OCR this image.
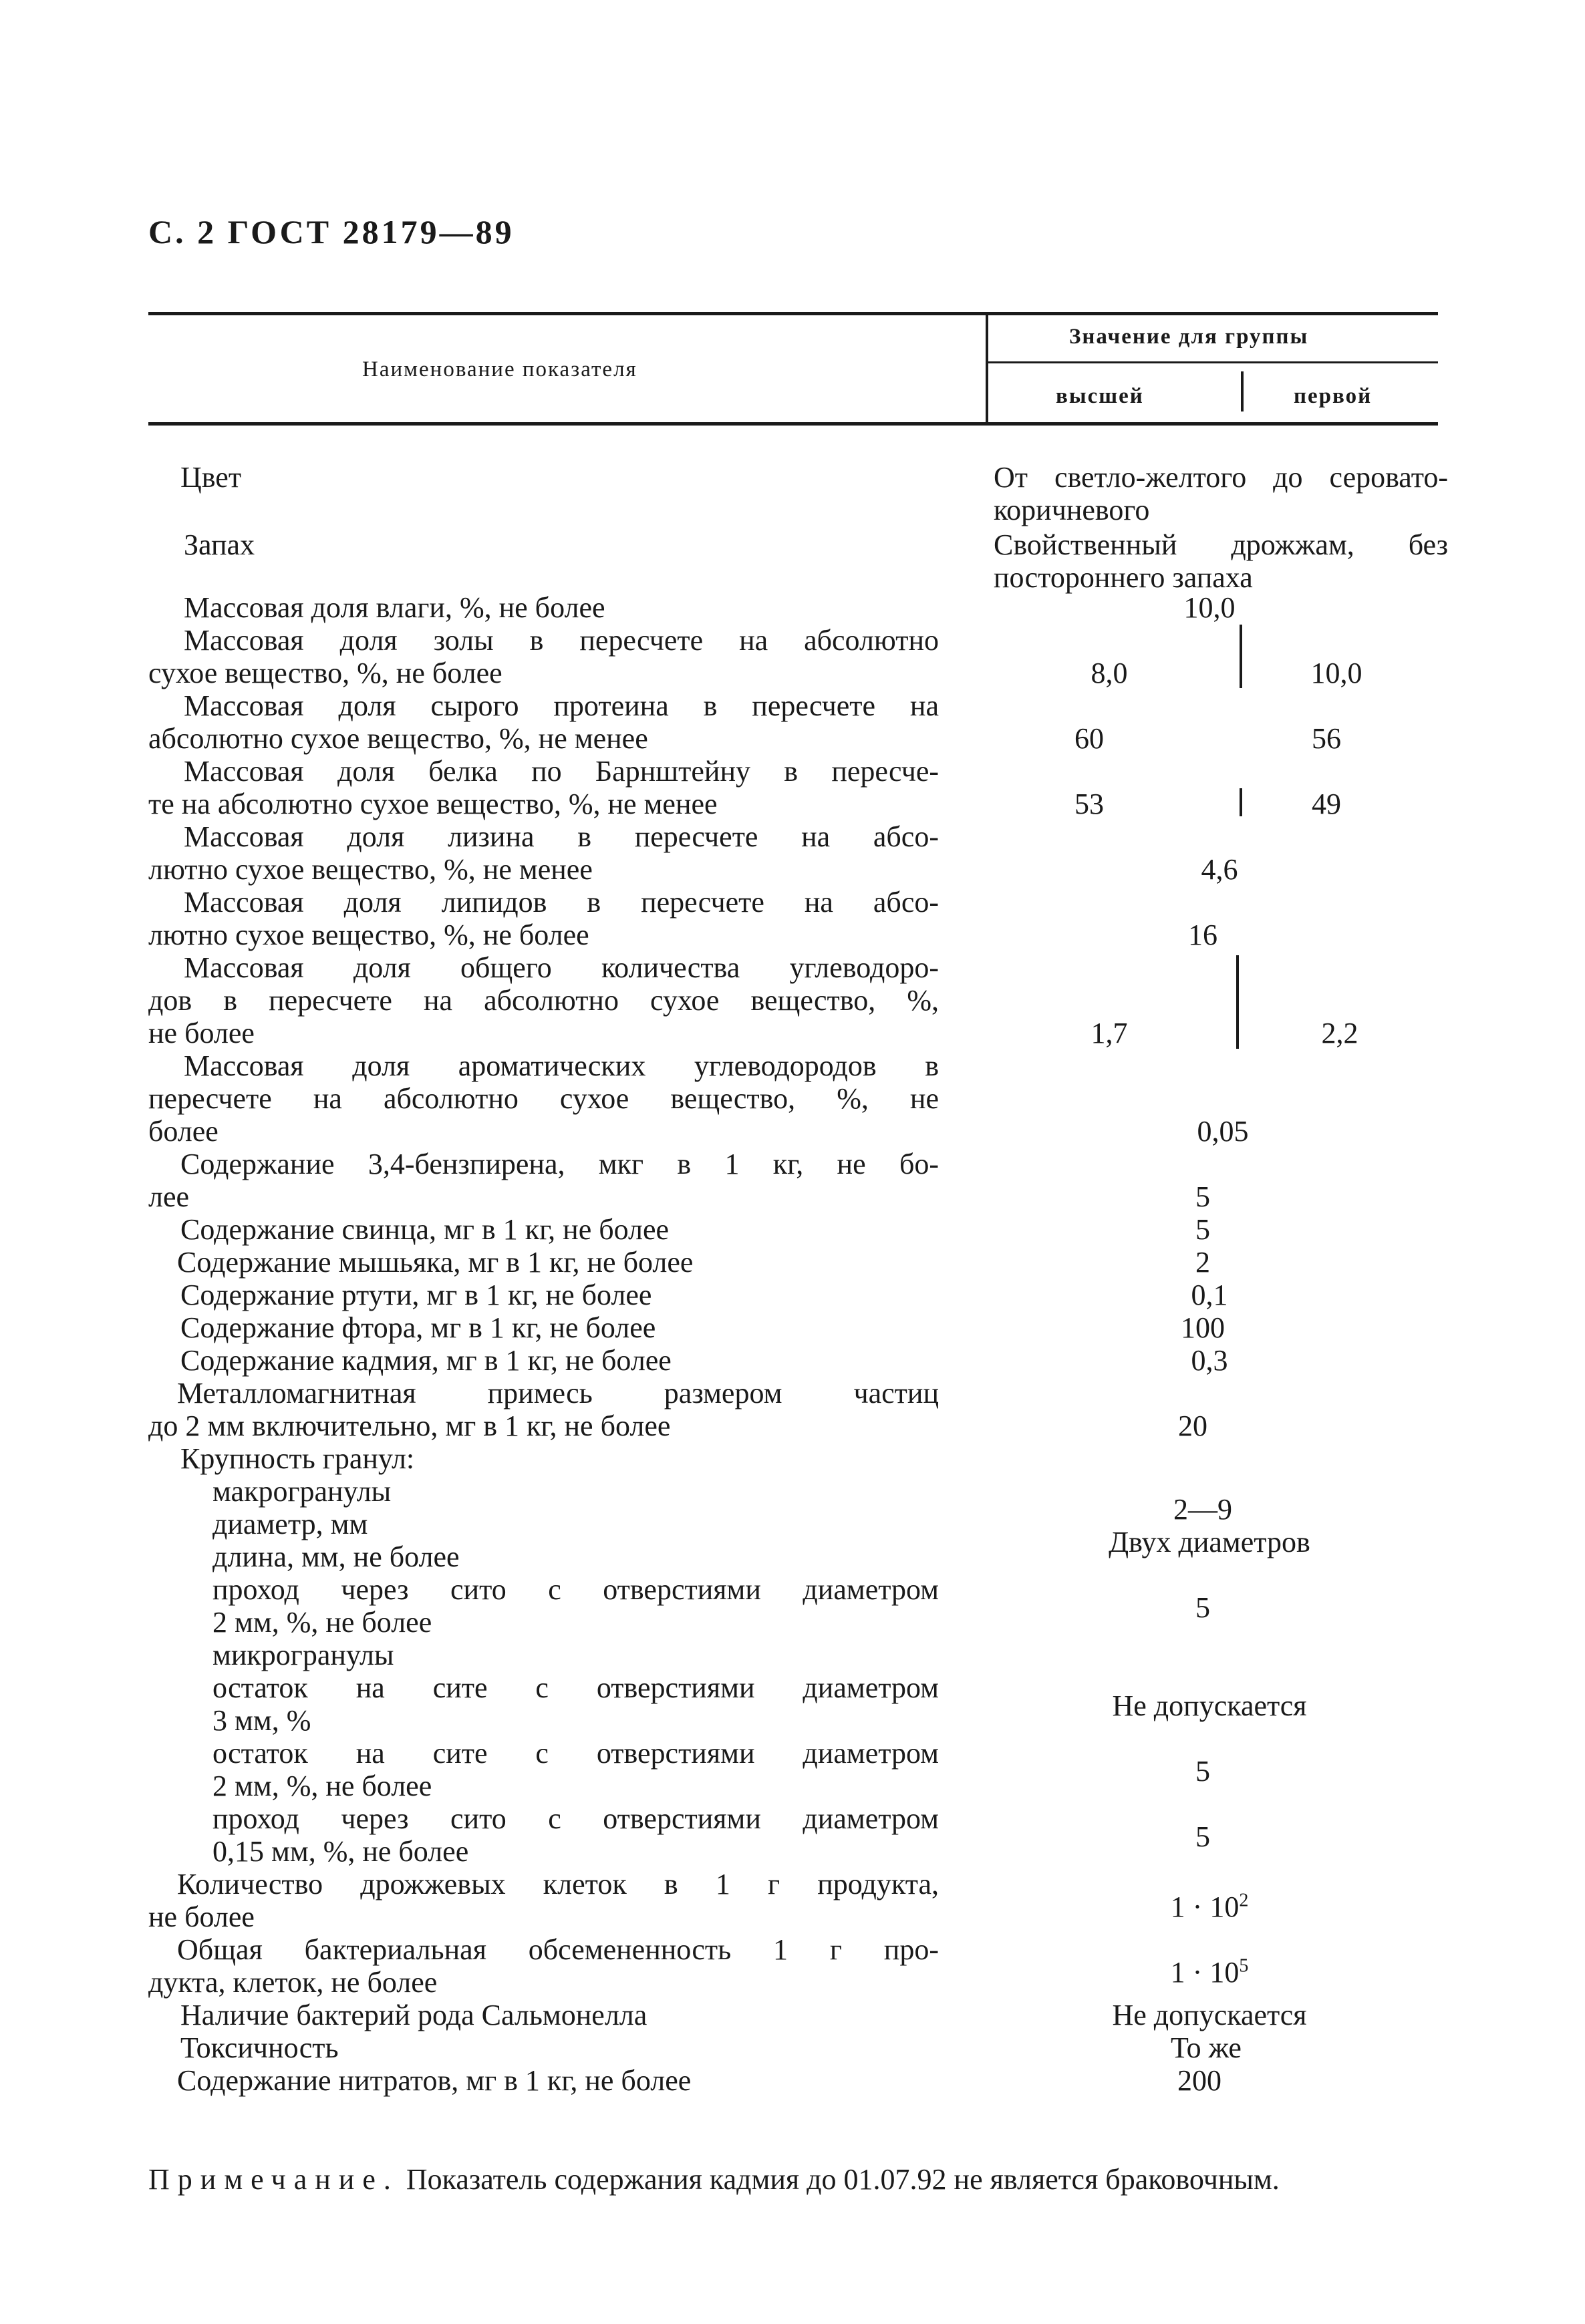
С. 2 ГОСТ 28179—89
Наименование показателя
Значение для группы
высшей	первой
Цвет	От светло-желтого до серовато-коричневого
Запах	Свойственный дрожжам, без постороннего запаха
Массовая доля влаги, %, не более	10,0
Массовая доля золы в пересчете на абсолютно
сухое вещество, %, не более	8,0	10,0
Массовая доля сырого протеина в пересчете на
абсолютно сухое вещество, %, не менее	60	56
Массовая доля белка по Барнштейну в пересче-
те на абсолютно сухое вещество, %, не менее	53	49
Массовая доля лизина в пересчете на абсо-
лютно сухое вещество, %, не менее	4,6
Массовая доля липидов в пересчете на абсо-
лютно сухое вещество, %, не более	16
Массовая доля общего количества углеводоро-
дов в пересчете на абсолютно сухое вещество, %,
не более	1,7	2,2
Массовая доля ароматических углеводородов в
пересчете на абсолютно сухое вещество, %, не
более	0,05
Содержание 3,4-бензпирена, мкг в 1 кг, не бо-
лее	5
Содержание свинца, мг в 1 кг, не более	5
Содержание мышьяка, мг в 1 кг, не более	2
Содержание ртути, мг в 1 кг, не более	0,1
Содержание фтора, мг в 1 кг, не более	100
Содержание кадмия, мг в 1 кг, не более	0,3
Металломагнитная примесь размером частиц
до 2 мм включительно, мг в 1 кг, не более	20
Крупность гранул:
макрогранулы
диаметр, мм	2—9
длина, мм, не более	Двух диаметров
проход через сито с отверстиями диаметром
2 мм, %, не более	5
микрогранулы
остаток на сите с отверстиями диаметром
3 мм, %	Не допускается
остаток на сите с отверстиями диаметром
2 мм, %, не более	5
проход через сито с отверстиями диаметром
0,15 мм, %, не более	5
Количество дрожжевых клеток в 1 г продукта,
не более	$1 \cdot 10^2$
Общая бактериальная обсемененность 1 г про-
дукта, клеток, не более	$1 \cdot 10^5$
Наличие бактерий рода Сальмонелла	Не допускается
Токсичность	То же
Содержание нитратов, мг в 1 кг, не более	200
Примечание. Показатель содержания кадмия до 01.07.92 не является браковочным.
